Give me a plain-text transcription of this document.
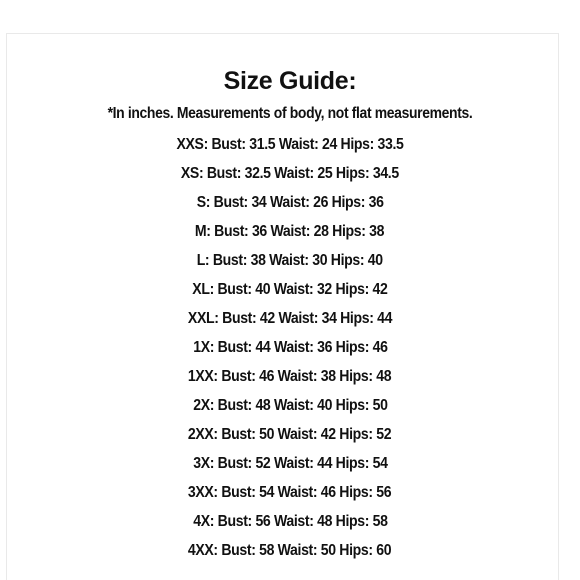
Size Guide:
*In inches. Measurements of body, not flat measurements.
XXS: Bust: 31.5 Waist: 24 Hips: 33.5
XS: Bust: 32.5 Waist: 25 Hips: 34.5
S: Bust: 34 Waist: 26 Hips: 36
M: Bust: 36 Waist: 28 Hips: 38
L: Bust: 38 Waist: 30 Hips: 40
XL: Bust: 40 Waist: 32 Hips: 42
XXL: Bust: 42 Waist: 34 Hips: 44
1X: Bust: 44 Waist: 36 Hips: 46
1XX: Bust: 46 Waist: 38 Hips: 48
2X: Bust: 48 Waist: 40 Hips: 50
2XX: Bust: 50 Waist: 42 Hips: 52
3X: Bust: 52 Waist: 44 Hips: 54
3XX: Bust: 54 Waist: 46 Hips: 56
4X: Bust: 56 Waist: 48 Hips: 58
4XX: Bust: 58 Waist: 50 Hips: 60
